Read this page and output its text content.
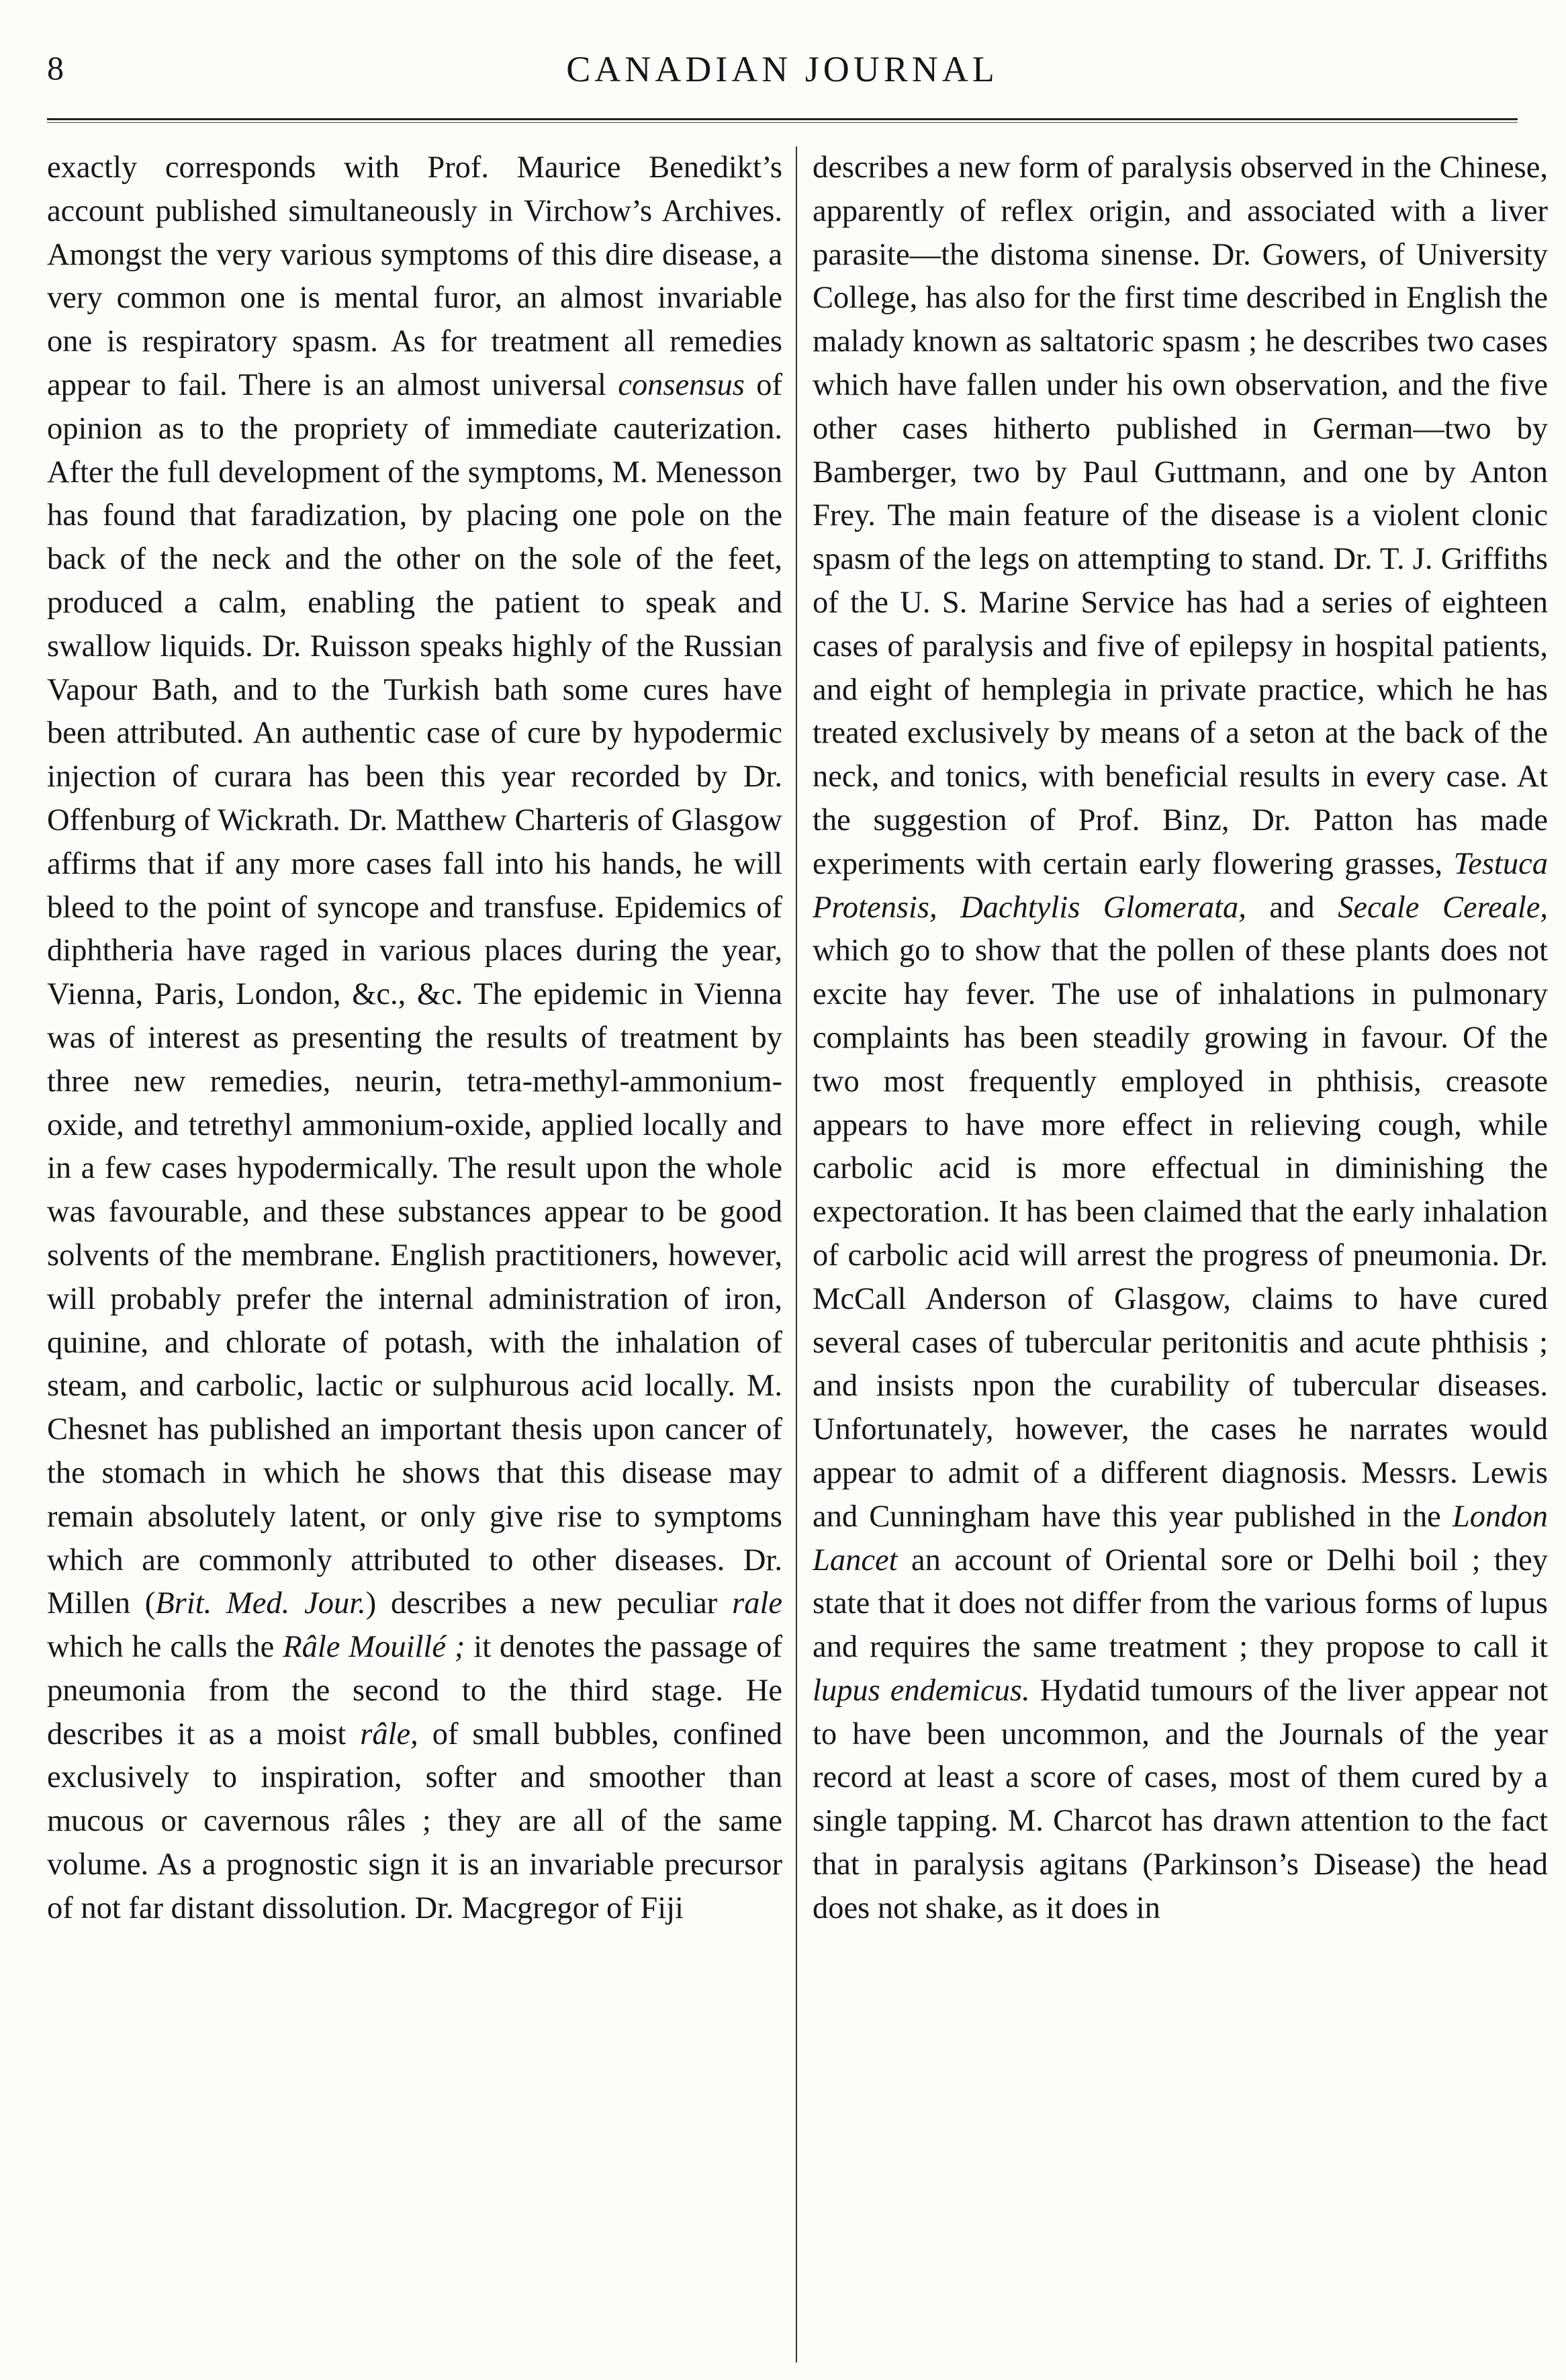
8	CANADIAN JOURNAL

exactly corresponds with Prof. Maurice Benedikt’s account published simultaneously in Virchow’s Archives. Amongst the very various symptoms of this dire disease, a very common one is mental furor, an almost invariable one is respiratory spasm. As for treatment all remedies appear to fail. There is an almost universal consensus of opinion as to the propriety of immediate cauterization. After the full development of the symptoms, M. Menesson has found that faradization, by placing one pole on the back of the neck and the other on the sole of the feet, produced a calm, enabling the patient to speak and swallow liquids. Dr. Ruisson speaks highly of the Russian Vapour Bath, and to the Turkish bath some cures have been attributed. An authentic case of cure by hypodermic injection of curara has been this year recorded by Dr. Offenburg of Wickrath. Dr. Matthew Charteris of Glasgow affirms that if any more cases fall into his hands, he will bleed to the point of syncope and transfuse. Epidemics of diphtheria have raged in various places during the year, Vienna, Paris, London, &c., &c. The epidemic in Vienna was of interest as presenting the results of treatment by three new remedies, neurin, tetra-methyl-ammonium-oxide, and tetrethyl ammonium-oxide, applied locally and in a few cases hypodermically. The result upon the whole was favourable, and these substances appear to be good solvents of the membrane. English practitioners, however, will probably prefer the internal administration of iron, quinine, and chlorate of potash, with the inhalation of steam, and carbolic, lactic or sulphurous acid locally. M. Chesnet has published an important thesis upon cancer of the stomach in which he shows that this disease may remain absolutely latent, or only give rise to symptoms which are commonly attributed to other diseases. Dr. Millen (Brit. Med. Jour.) describes a new peculiar rale which he calls the Râle Mouillé ; it denotes the passage of pneumonia from the second to the third stage. He describes it as a moist râle, of small bubbles, confined exclusively to inspiration, softer and smoother than mucous or cavernous râles ; they are all of the same volume. As a prognostic sign it is an invariable precursor of not far distant dissolution. Dr. Macgregor of Fiji

describes a new form of paralysis observed in the Chinese, apparently of reflex origin, and associated with a liver parasite—the distoma sinense. Dr. Gowers, of University College, has also for the first time described in English the malady known as saltatoric spasm ; he describes two cases which have fallen under his own observation, and the five other cases hitherto published in German—two by Bamberger, two by Paul Guttmann, and one by Anton Frey. The main feature of the disease is a violent clonic spasm of the legs on attempting to stand. Dr. T. J. Griffiths of the U. S. Marine Service has had a series of eighteen cases of paralysis and five of epilepsy in hospital patients, and eight of hemplegia in private practice, which he has treated exclusively by means of a seton at the back of the neck, and tonics, with beneficial results in every case. At the suggestion of Prof. Binz, Dr. Patton has made experiments with certain early flowering grasses, Testuca Protensis, Dachtylis Glomerata, and Secale Cereale, which go to show that the pollen of these plants does not excite hay fever. The use of inhalations in pulmonary complaints has been steadily growing in favour. Of the two most frequently employed in phthisis, creasote appears to have more effect in relieving cough, while carbolic acid is more effectual in diminishing the expectoration. It has been claimed that the early inhalation of carbolic acid will arrest the progress of pneumonia. Dr. McCall Anderson of Glasgow, claims to have cured several cases of tubercular peritonitis and acute phthisis ; and insists npon the curability of tubercular diseases. Unfortunately, however, the cases he narrates would appear to admit of a different diagnosis. Messrs. Lewis and Cunningham have this year published in the London Lancet an account of Oriental sore or Delhi boil ; they state that it does not differ from the various forms of lupus and requires the same treatment ; they propose to call it lupus endemicus. Hydatid tumours of the liver appear not to have been uncommon, and the Journals of the year record at least a score of cases, most of them cured by a single tapping. M. Charcot has drawn attention to the fact that in paralysis agitans (Parkinson’s Disease) the head does not shake, as it does in
